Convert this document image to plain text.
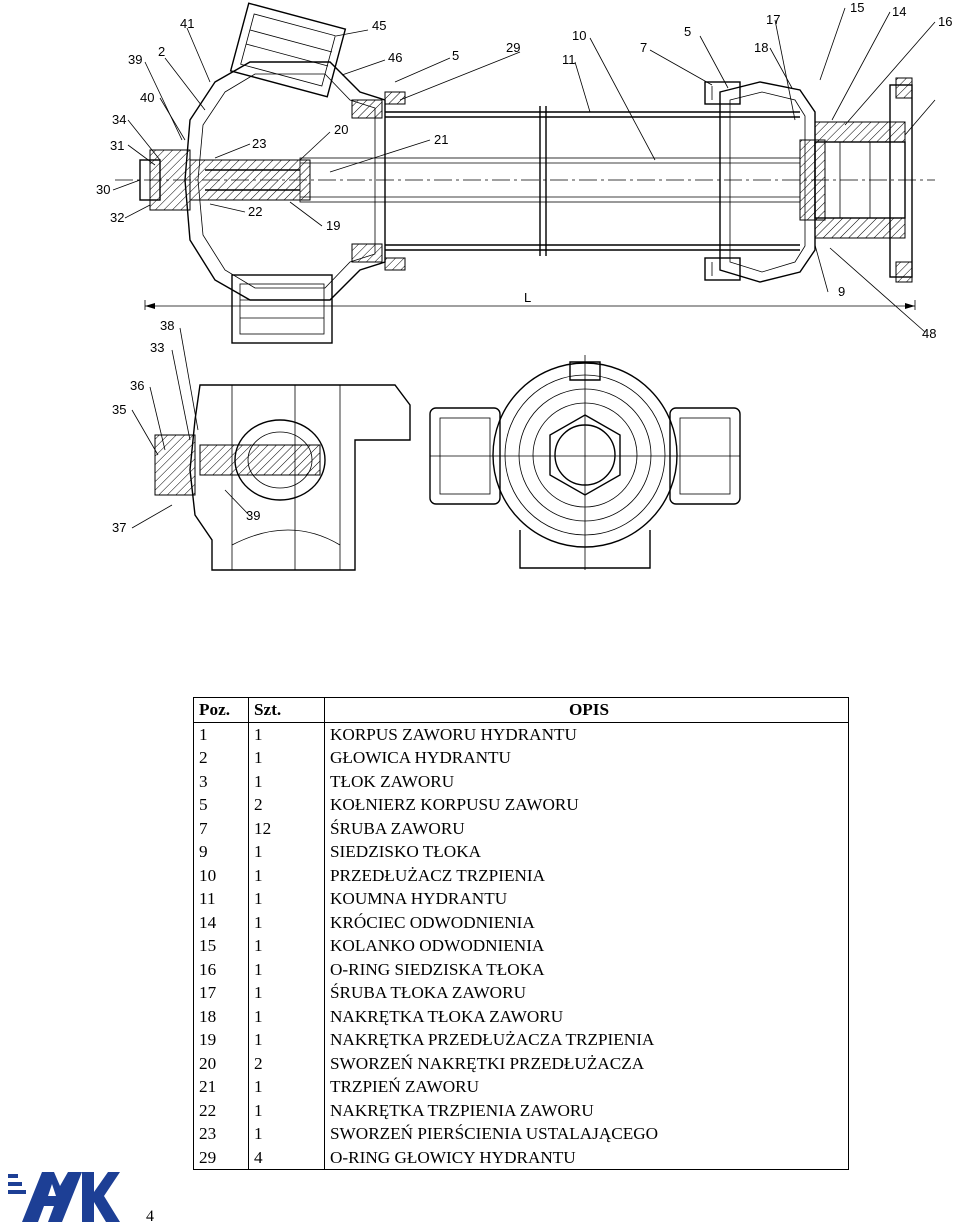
L
41	45
2
39	46	5
29
10
11
7
5
17
18
15 14
16
40
34
31
20
23	21
30
22
32
19
9
48
38
33
36
35
39
37
Poz.	Szt.	OPIS
1	1	KORPUS ZAWORU HYDRANTU
2	1	GŁOWICA HYDRANTU
3	1	TŁOK ZAWORU
5	2	KOŁNIERZ KORPUSU ZAWORU
7	12	ŚRUBA ZAWORU
9	1	SIEDZISKO TŁOKA
10	1	PRZEDŁUŻACZ TRZPIENIA
11	1	KOUMNA HYDRANTU
14	1	KRÓCIEC ODWODNIENIA
15	1	KOLANKO ODWODNIENIA
16	1	O-RING SIEDZISKA TŁOKA
17	1	ŚRUBA TŁOKA ZAWORU
18	1	NAKRĘTKA TŁOKA ZAWORU
19	1	NAKRĘTKA PRZEDŁUŻACZA TRZPIENIA
20	2	SWORZEŃ NAKRĘTKI PRZEDŁUŻACZA
21	1	TRZPIEŃ ZAWORU
22	1	NAKRĘTKA TRZPIENIA ZAWORU
23	1	SWORZEŃ PIERŚCIENIA USTALAJĄCEGO
29	4	O-RING GŁOWICY HYDRANTU
4
